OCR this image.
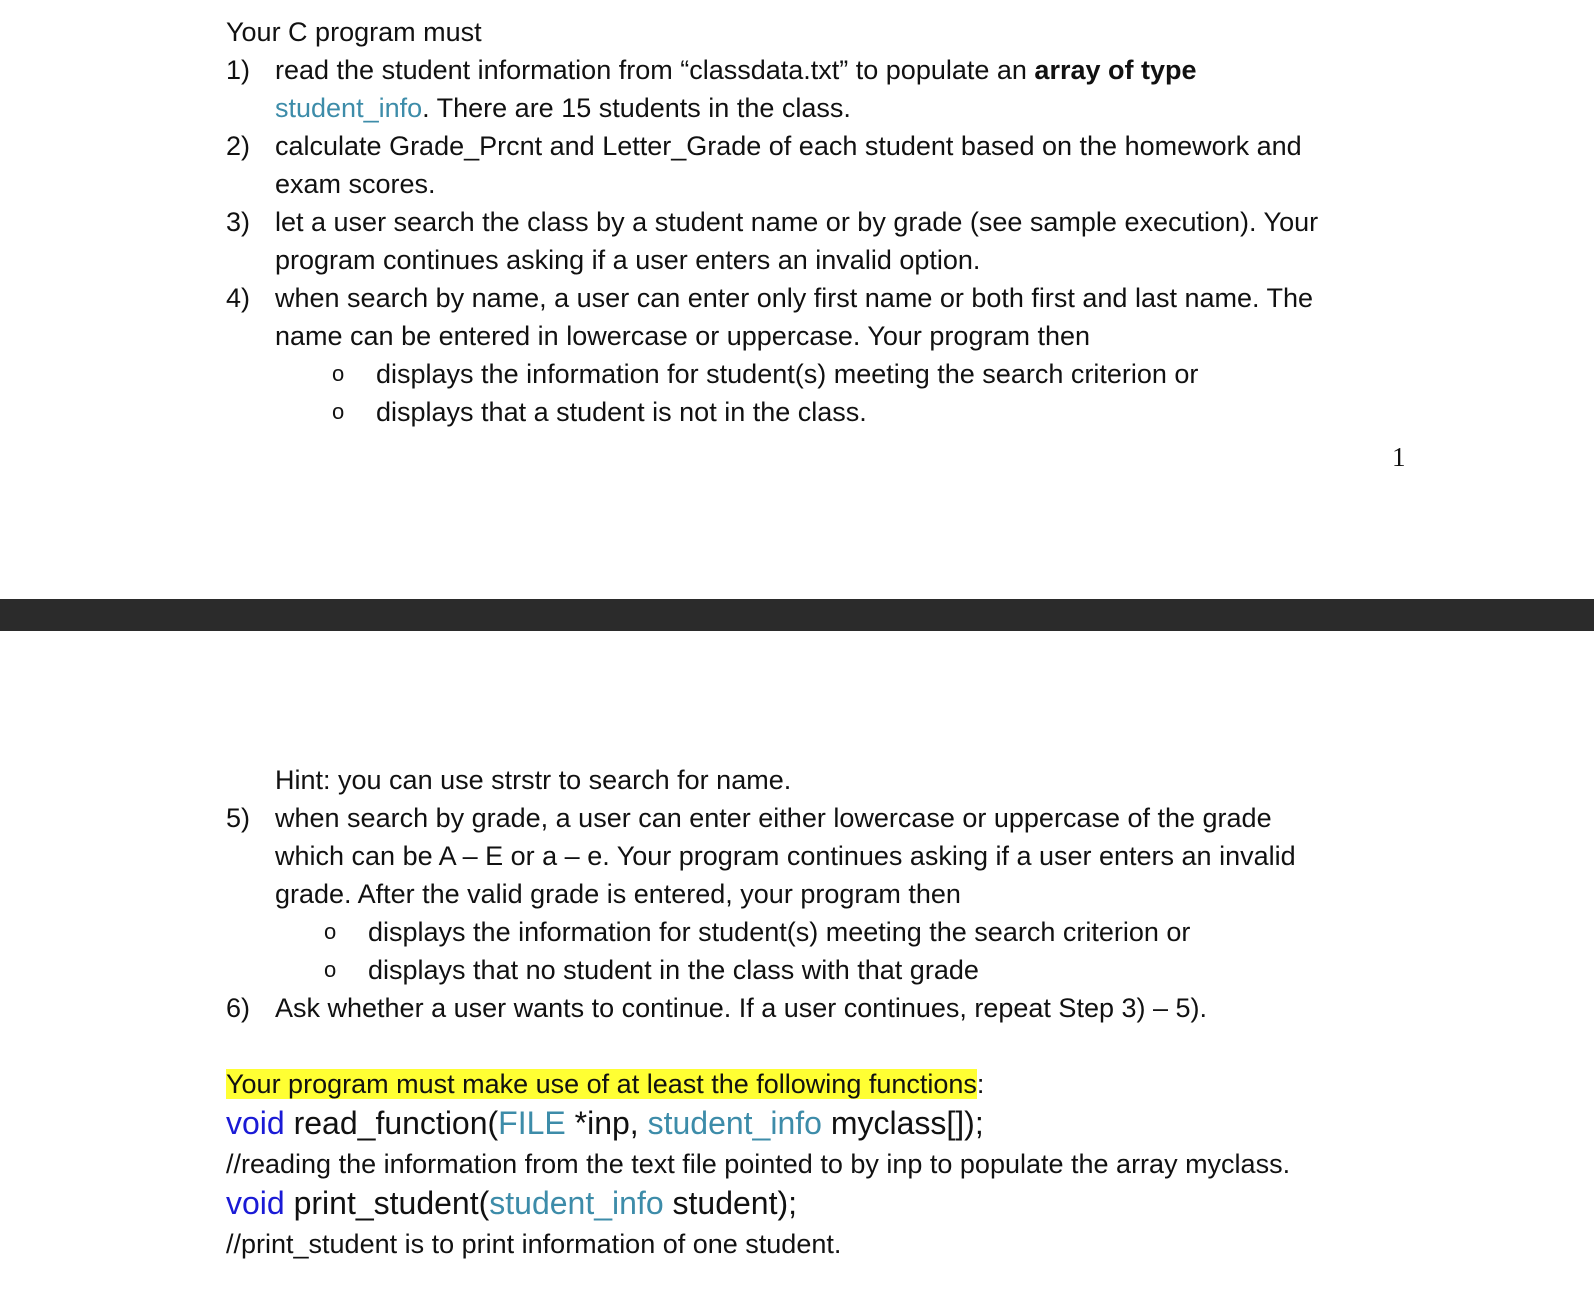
Your C program must
1) read the student information from “classdata.txt” to populate an array of type
student_info. There are 15 students in the class.
2) calculate Grade_Prcnt and Letter_Grade of each student based on the homework and
exam scores.
3) let a user search the class by a student name or by grade (see sample execution). Your
program continues asking if a user enters an invalid option.
4) when search by name, a user can enter only first name or both first and last name. The
name can be entered in lowercase or uppercase. Your program then
o displays the information for student(s) meeting the search criterion or
o displays that a student is not in the class.
1
Hint: you can use strstr to search for name.
5) when search by grade, a user can enter either lowercase or uppercase of the grade
which can be A – E or a – e. Your program continues asking if a user enters an invalid
grade. After the valid grade is entered, your program then
o displays the information for student(s) meeting the search criterion or
o displays that no student in the class with that grade
6) Ask whether a user wants to continue. If a user continues, repeat Step 3) – 5).
Your program must make use of at least the following functions:
void read_function(FILE *inp, student_info myclass[]);
//reading the information from the text file pointed to by inp to populate the array myclass.
void print_student(student_info student);
//print_student is to print information of one student.
